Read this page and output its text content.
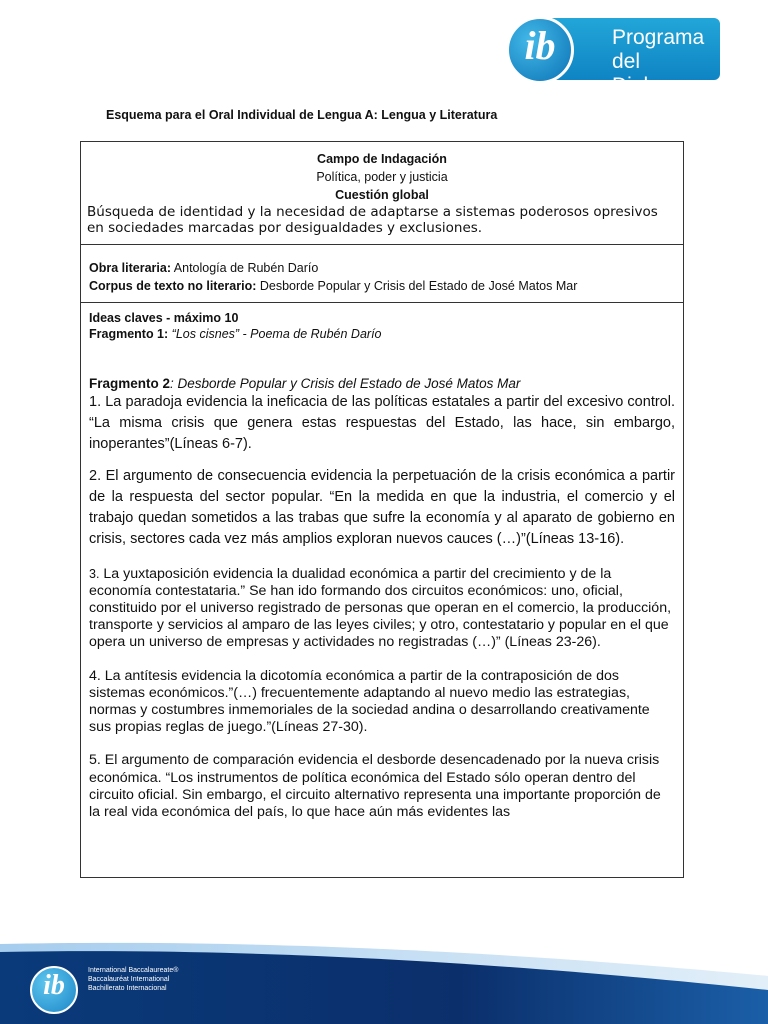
Programa
del Diploma
ib
Esquema para el Oral Individual de Lengua A: Lengua y Literatura
Campo de Indagación
Política, poder y justicia
Cuestión global
Búsqueda de identidad y la necesidad de adaptarse a sistemas poderosos opresivos
en sociedades marcadas por desigualdades y exclusiones.
Obra literaria: Antología de Rubén Darío
Corpus de texto no literario: Desborde Popular y Crisis del Estado de José Matos Mar
Ideas claves - máximo 10
Fragmento 1: “Los cisnes” - Poema de Rubén Darío
Fragmento 2: Desborde Popular y Crisis del Estado de José Matos Mar

1. La paradoja evidencia la ineficacia de las políticas estatales a partir del excesivo control. “La misma crisis que genera estas respuestas del Estado, las hace, sin embargo, inoperantes”(Líneas 6-7).

2. El argumento de consecuencia evidencia la perpetuación de la crisis económica a partir de la respuesta del sector popular. “En la medida en que la industria, el comercio y el trabajo quedan sometidos a las trabas que sufre la economía y al aparato de gobierno en crisis, sectores cada vez más amplios exploran nuevos cauces (…)”(Líneas 13-16).

3. La yuxtaposición evidencia la dualidad económica a partir del crecimiento y de la economía contestataria.” Se han ido formando dos circuitos económicos: uno, oficial, constituido por el universo registrado de personas que operan en el comercio, la producción, transporte y servicios al amparo de las leyes civiles; y otro, contestatario y popular en el que opera un universo de empresas y actividades no registradas (…)” (Líneas 23-26).

4. La antítesis evidencia la dicotomía económica a partir de la contraposición de dos sistemas económicos.”(…) frecuentemente adaptando al nuevo medio las estrategias, normas y costumbres inmemoriales de la sociedad andina o desarrollando creativamente sus propias reglas de juego.”(Líneas 27-30).

5. El argumento de comparación evidencia el desborde desencadenado por la nueva crisis económica. “Los instrumentos de política económica del Estado sólo operan dentro del circuito oficial. Sin embargo, el circuito alternativo representa una importante proporción de la real vida económica del país, lo que hace aún más evidentes las

ib	International Baccalaureate®
Baccalauréat International
Bachillerato Internacional
